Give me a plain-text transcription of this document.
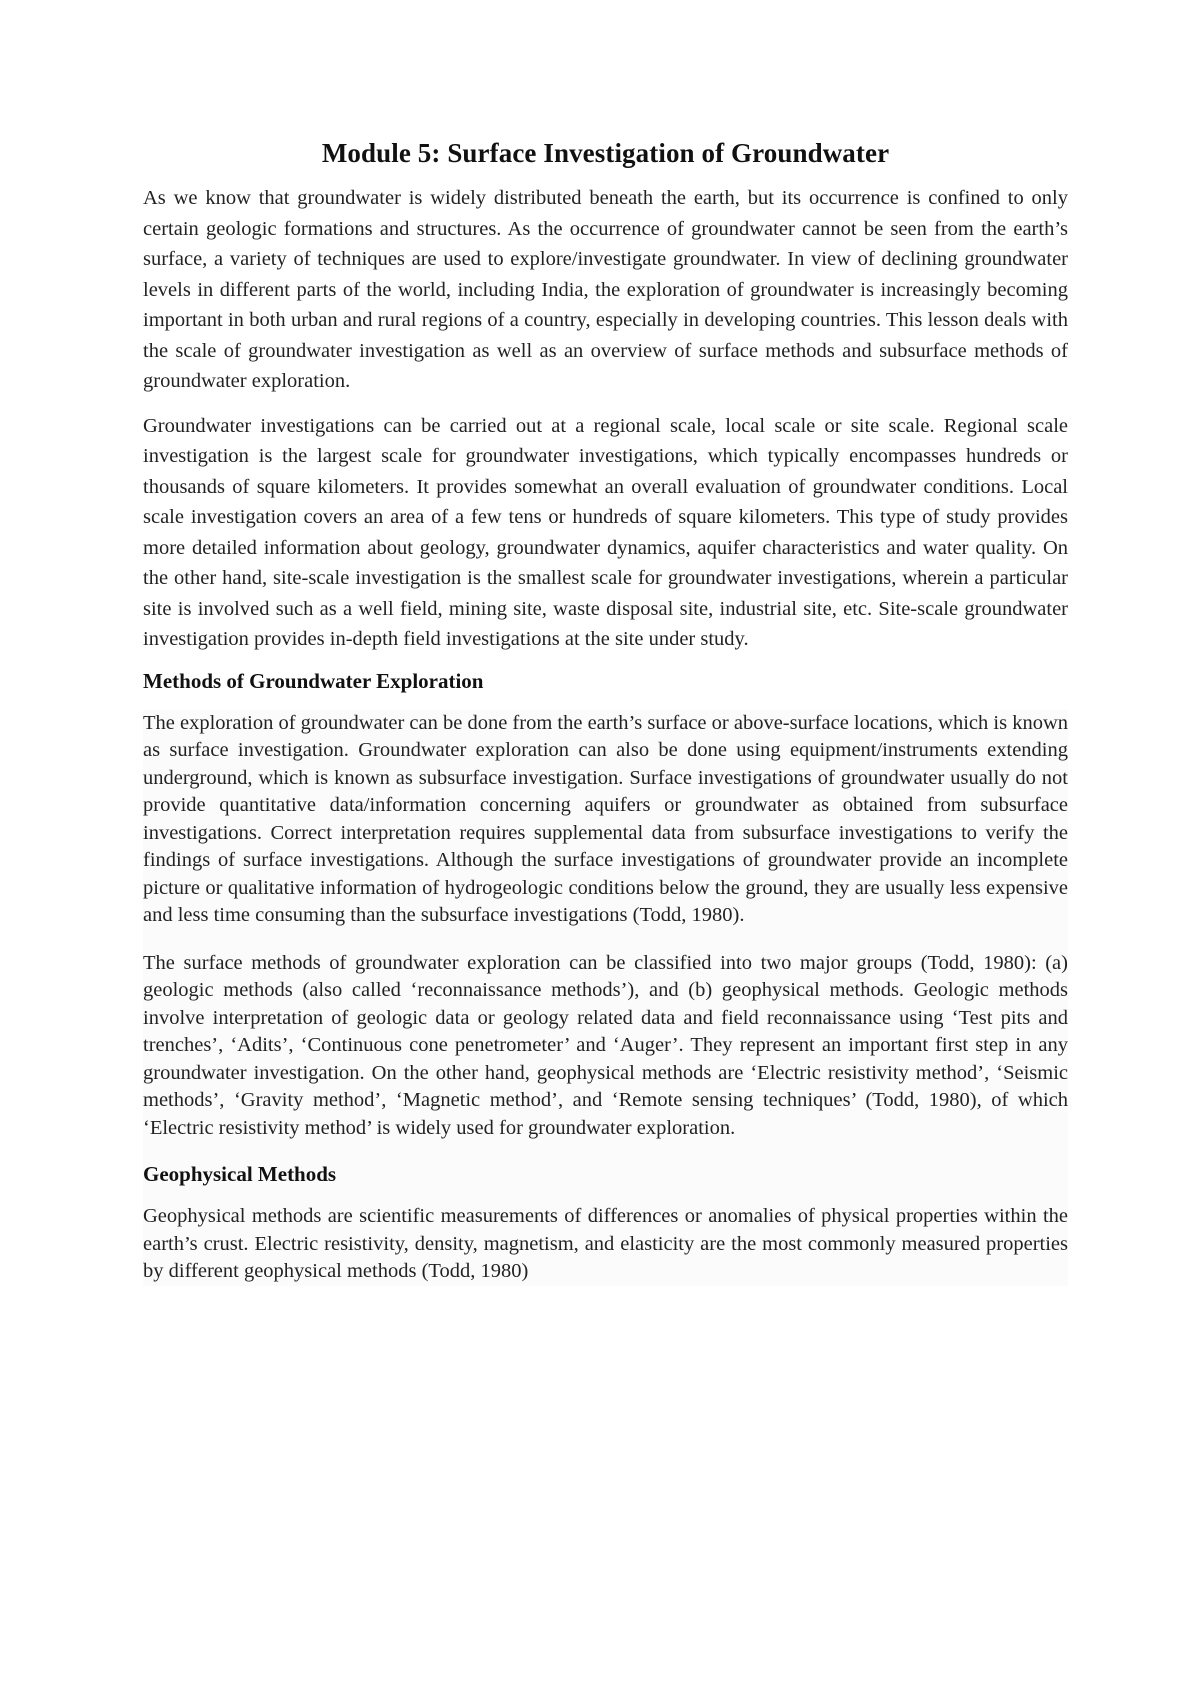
Module 5: Surface Investigation of Groundwater

As we know that groundwater is widely distributed beneath the earth, but its occurrence is confined to only certain geologic formations and structures. As the occurrence of groundwater cannot be seen from the earth’s surface, a variety of techniques are used to explore/investigate groundwater. In view of declining groundwater levels in different parts of the world, including India, the exploration of groundwater is increasingly becoming important in both urban and rural regions of a country, especially in developing countries. This lesson deals with the scale of groundwater investigation as well as an overview of surface methods and subsurface methods of groundwater exploration.

Groundwater investigations can be carried out at a regional scale, local scale or site scale. Regional scale investigation is the largest scale for groundwater investigations, which typically encompasses hundreds or thousands of square kilometers. It provides somewhat an overall evaluation of groundwater conditions. Local scale investigation covers an area of a few tens or hundreds of square kilometers. This type of study provides more detailed information about geology, groundwater dynamics, aquifer characteristics and water quality. On the other hand, site-scale investigation is the smallest scale for groundwater investigations, wherein a particular site is involved such as a well field, mining site, waste disposal site, industrial site, etc. Site-scale groundwater investigation provides in-depth field investigations at the site under study.

Methods of Groundwater Exploration

The exploration of groundwater can be done from the earth’s surface or above-surface locations, which is known as surface investigation. Groundwater exploration can also be done using equipment/instruments extending underground, which is known as subsurface investigation. Surface investigations of groundwater usually do not provide quantitative data/information concerning aquifers or groundwater as obtained from subsurface investigations. Correct interpretation requires supplemental data from subsurface investigations to verify the findings of surface investigations. Although the surface investigations of groundwater provide an incomplete picture or qualitative information of hydrogeologic conditions below the ground, they are usually less expensive and less time consuming than the subsurface investigations (Todd, 1980).

The surface methods of groundwater exploration can be classified into two major groups (Todd, 1980): (a) geologic methods (also called ‘reconnaissance methods’), and (b) geophysical methods. Geologic methods involve interpretation of geologic data or geology related data and field reconnaissance using ‘Test pits and trenches’, ‘Adits’, ‘Continuous cone penetrometer’ and ‘Auger’. They represent an important first step in any groundwater investigation. On the other hand, geophysical methods are ‘Electric resistivity method’, ‘Seismic methods’, ‘Gravity method’, ‘Magnetic method’, and ‘Remote sensing techniques’ (Todd, 1980), of which ‘Electric resistivity method’ is widely used for groundwater exploration.

Geophysical Methods

Geophysical methods are scientific measurements of differences or anomalies of physical properties within the earth’s crust. Electric resistivity, density, magnetism, and elasticity are the most commonly measured properties by different geophysical methods (Todd, 1980)
